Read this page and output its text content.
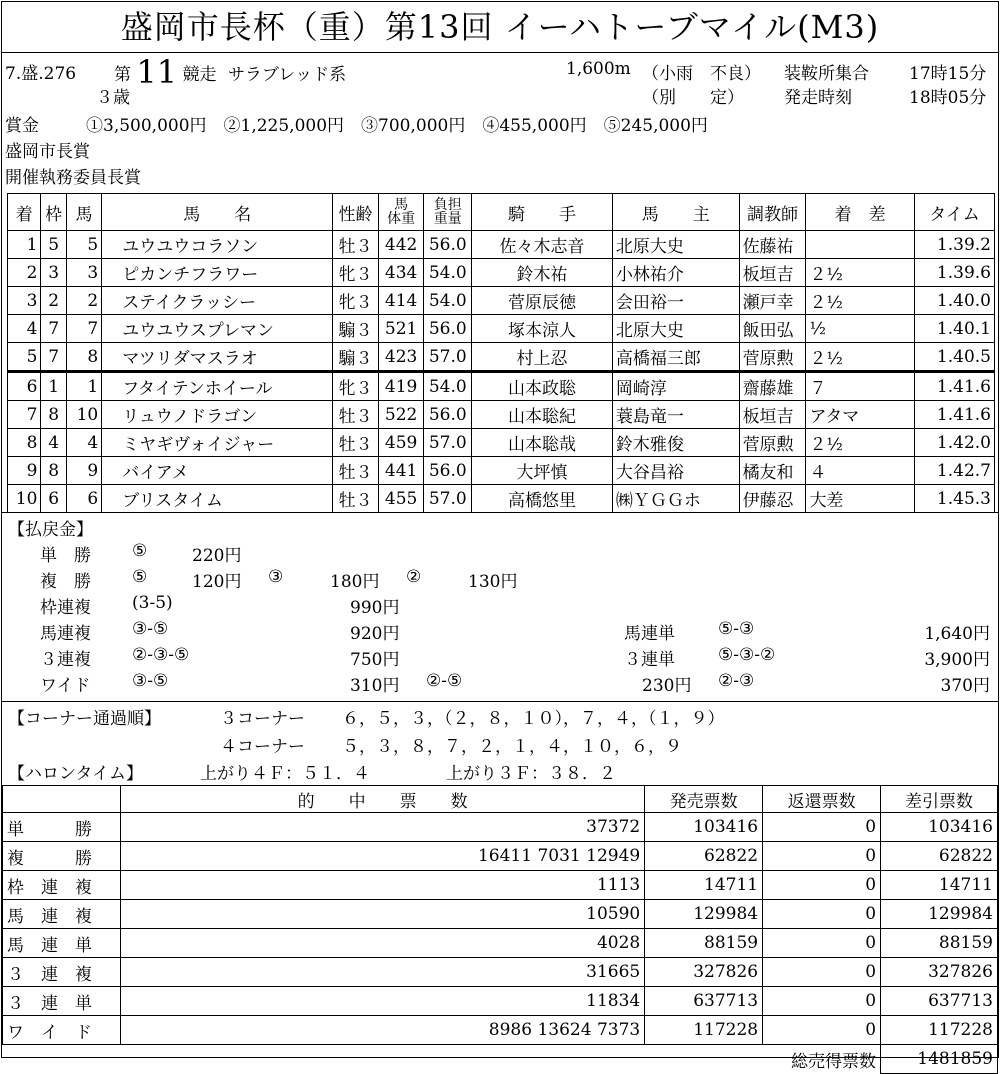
盛岡市長杯（重）第13回 イーハトーブマイル(M3)
7.盛.276 第 11 競走 サラブレッド系
３歳
1,600m （小雨　不良）
（別　　定）
装鞍所集合 17時15分
発走時刻	18時05分
賞金	①3,500,000円　②1,225,000円　③700,000円　④455,000円　⑤245,000円
盛岡市長賞
開催執務委員長賞
着	枠	馬	馬　　名	性齢	馬
体重	負担
重量	騎　　手	馬　　主	調教師	着　差	タイム
1	5	5	ユウユウコラソン	牡３	442	56.0	佐々木志音	北原大史	佐藤祐		1.39.2
2	3	3	ピカンチフラワー	牝３	434	54.0	鈴木祐	小林祐介	板垣吉	２½	1.39.6
3	2	2	ステイクラッシー	牝３	414	54.0	菅原辰徳	会田裕一	瀬戸幸	２½	1.40.0
4	7	7	ユウユウスプレマン	騸３	521	56.0	塚本涼人	北原大史	飯田弘	½	1.40.1
5	7	8	マツリダマスラオ	騸３	423	57.0	村上忍	高橋福三郎	菅原勲	２½	1.40.5
6	1	1	フタイテンホイール	牝３	419	54.0	山本政聡	岡崎淳	齋藤雄	７	1.41.6
7	8	10	リュウノドラゴン	牡３	522	56.0	山本聡紀	蓑島竜一	板垣吉	アタマ	1.41.6
8	4	4	ミヤギヴォイジャー	牡３	459	57.0	山本聡哉	鈴木雅俊	菅原勲	２½	1.42.0
9	8	9	バイアメ	牡３	441	56.0	大坪慎	大谷昌裕	橘友和	４	1.42.7
10	6	6	ブリスタイム	牡３	455	57.0	高橋悠里	㈱ＹＧＧホ	伊藤忍	大差	1.45.3
【払戻金】
単　勝 ⑤	220円
複　勝 ⑤	120円 ③	180円 ②	130円
枠連複 (3-5)	990円
馬連複 ③-⑤	920円	馬連単	⑤-③	1,640円
３連複 ②-③-⑤	750円	３連単	⑤-③-②	3,900円
ワイド ③-⑤	310円 ②-⑤	230円 ②-③	370円
【コーナー通過順】	３コーナー ６，５，３，（２，８，１０），７，４，（１，９）
４コーナー ５，３，８，７，２，１，４，１０，６，９
【ハロンタイム】	上がり４Ｆ：５１．４	上がり３Ｆ：３８．２
	的　　中　　票　　数	発売票数	返還票数	差引票数
単　　　勝	37372	103416	0	103416
複　　　勝	16411 7031 12949	62822	0	62822
枠　連　複	1113	14711	0	14711
馬　連　複	10590	129984	0	129984
馬　連　単	4028	88159	0	88159
３　連　複	31665	327826	0	327826
３　連　単	11834	637713	0	637713
ワ　イ　ド	8986 13624 7373	117228	0	117228
総売得票数				1481859
